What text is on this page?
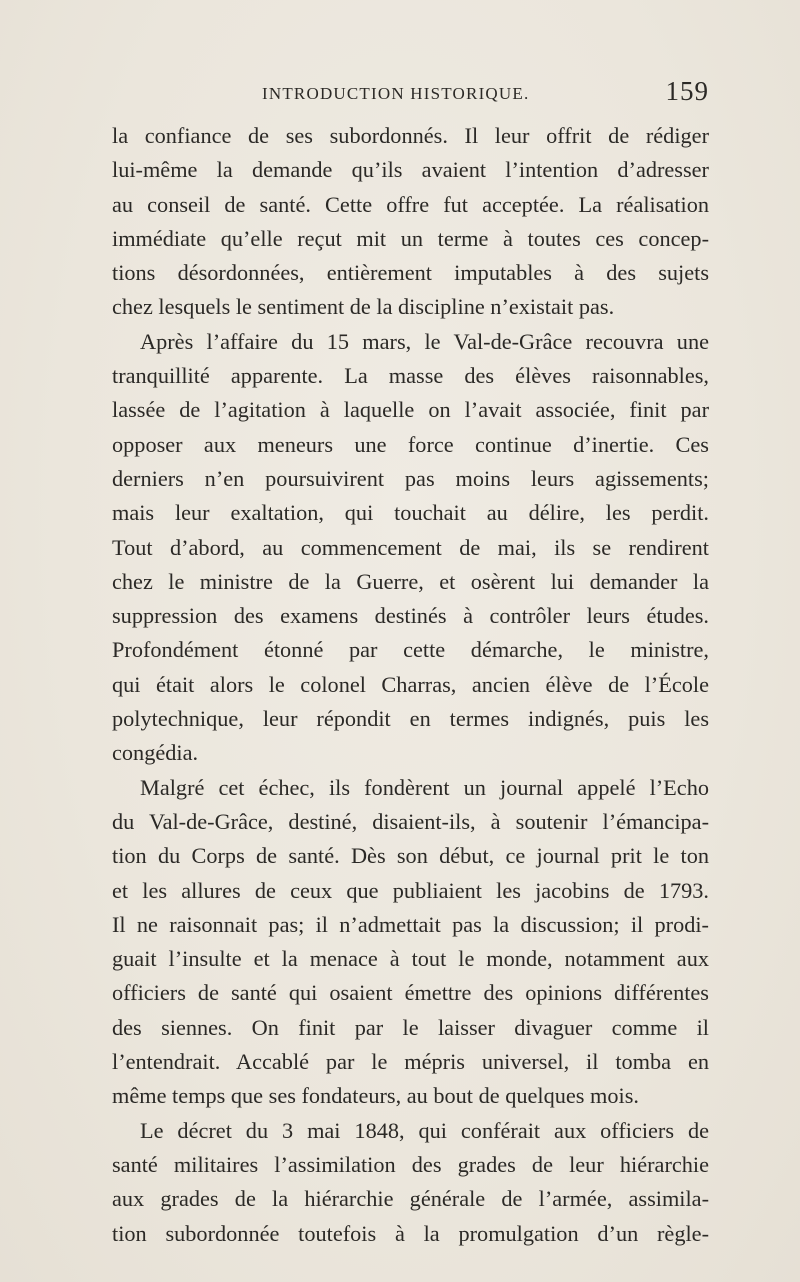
INTRODUCTION HISTORIQUE.	159
la confiance de ses subordonnés. Il leur offrit de rédiger
lui-même la demande qu’ils avaient l’intention d’adresser
au conseil de santé. Cette offre fut acceptée. La réalisation
immédiate qu’elle reçut mit un terme à toutes ces concep-
tions désordonnées, entièrement imputables à des sujets
chez lesquels le sentiment de la discipline n’existait pas.
Après l’affaire du 15 mars, le Val-de-Grâce recouvra une
tranquillité apparente. La masse des élèves raisonnables,
lassée de l’agitation à laquelle on l’avait associée, finit par
opposer aux meneurs une force continue d’inertie. Ces
derniers n’en poursuivirent pas moins leurs agissements;
mais leur exaltation, qui touchait au délire, les perdit.
Tout d’abord, au commencement de mai, ils se rendirent
chez le ministre de la Guerre, et osèrent lui demander la
suppression des examens destinés à contrôler leurs études.
Profondément étonné par cette démarche, le ministre,
qui était alors le colonel Charras, ancien élève de l’École
polytechnique, leur répondit en termes indignés, puis les
congédia.
Malgré cet échec, ils fondèrent un journal appelé l’Echo
du Val-de-Grâce, destiné, disaient-ils, à soutenir l’émancipa-
tion du Corps de santé. Dès son début, ce journal prit le ton
et les allures de ceux que publiaient les jacobins de 1793.
Il ne raisonnait pas; il n’admettait pas la discussion; il prodi-
guait l’insulte et la menace à tout le monde, notamment aux
officiers de santé qui osaient émettre des opinions différentes
des siennes. On finit par le laisser divaguer comme il
l’entendrait. Accablé par le mépris universel, il tomba en
même temps que ses fondateurs, au bout de quelques mois.
Le décret du 3 mai 1848, qui conférait aux officiers de
santé militaires l’assimilation des grades de leur hiérarchie
aux grades de la hiérarchie générale de l’armée, assimila-
tion subordonnée toutefois à la promulgation d’un règle-
